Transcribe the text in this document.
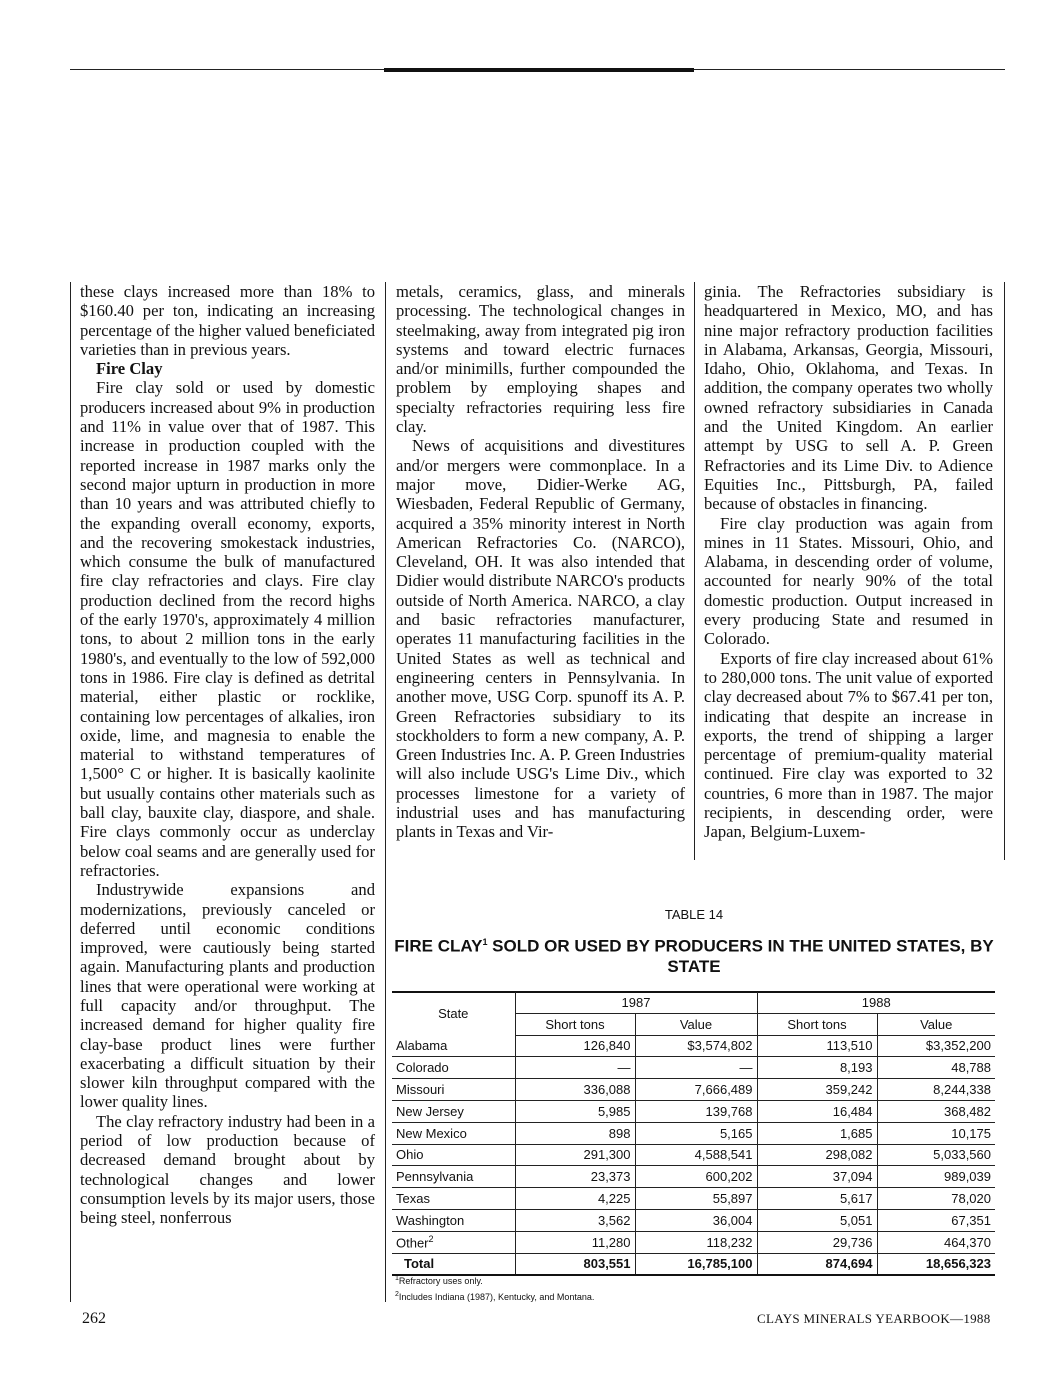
these clays increased more than 18% to $160.40 per ton, indicating an increasing percentage of the higher valued beneficiated varieties than in previous years.

Fire Clay

Fire clay sold or used by domestic producers increased about 9% in production and 11% in value over that of 1987. This increase in production coupled with the reported increase in 1987 marks only the second major upturn in production in more than 10 years and was attributed chiefly to the expanding overall economy, exports, and the recovering smokestack industries, which consume the bulk of manufactured fire clay refractories and clays. Fire clay production declined from the record highs of the early 1970's, approximately 4 million tons, to about 2 million tons in the early 1980's, and eventually to the low of 592,000 tons in 1986. Fire clay is defined as detrital material, either plastic or rocklike, containing low percentages of alkalies, iron oxide, lime, and magnesia to enable the material to withstand temperatures of 1,500° C or higher. It is basically kaolinite but usually contains other materials such as ball clay, bauxite clay, diaspore, and shale. Fire clays commonly occur as underclay below coal seams and are generally used for refractories.

Industrywide expansions and modernizations, previously canceled or deferred until economic conditions improved, were cautiously being started again. Manufacturing plants and production lines that were operational were working at full capacity and/or throughput. The increased demand for higher quality fire clay-base product lines were further exacerbating a difficult situation by their slower kiln throughput compared with the lower quality lines.

The clay refractory industry had been in a period of low production because of decreased demand brought about by technological changes and lower consumption levels by its major users, those being steel, nonferrous

metals, ceramics, glass, and minerals processing. The technological changes in steelmaking, away from integrated pig iron systems and toward electric furnaces and/or minimills, further compounded the problem by employing shapes and specialty refractories requiring less fire clay.

News of acquisitions and divestitures and/or mergers were commonplace. In a major move, Didier-Werke AG, Wiesbaden, Federal Republic of Germany, acquired a 35% minority interest in North American Refractories Co. (NARCO), Cleveland, OH. It was also intended that Didier would distribute NARCO's products outside of North America. NARCO, a clay and basic refractories manufacturer, operates 11 manufacturing facilities in the United States as well as technical and engineering centers in Pennsylvania. In another move, USG Corp. spunoff its A. P. Green Refractories subsidiary to its stockholders to form a new company, A. P. Green Industries Inc. A. P. Green Industries will also include USG's Lime Div., which processes limestone for a variety of industrial uses and has manufacturing plants in Texas and Vir-

ginia. The Refractories subsidiary is headquartered in Mexico, MO, and has nine major refractory production facilities in Alabama, Arkansas, Georgia, Missouri, Idaho, Ohio, Oklahoma, and Texas. In addition, the company operates two wholly owned refractory subsidiaries in Canada and the United Kingdom. An earlier attempt by USG to sell A. P. Green Refractories and its Lime Div. to Adience Equities Inc., Pittsburgh, PA, failed because of obstacles in financing.

Fire clay production was again from mines in 11 States. Missouri, Ohio, and Alabama, in descending order of volume, accounted for nearly 90% of the total domestic production. Output increased in every producing State and resumed in Colorado.

Exports of fire clay increased about 61% to 280,000 tons. The unit value of exported clay decreased about 7% to $67.41 per ton, indicating that despite an increase in exports, the trend of shipping a larger percentage of premium-quality material continued. Fire clay was exported to 32 countries, 6 more than in 1987. The major recipients, in descending order, were Japan, Belgium-Luxem-

TABLE 14
FIRE CLAY$^1$ SOLD OR USED BY PRODUCERS IN THE UNITED STATES, BY STATE
State	1987		1988	
	Short tons	Value	Short tons	Value
Alabama	126,840	$3,574,802	113,510	$3,352,200
Colorado	—	—	8,193	48,788
Missouri	336,088	7,666,489	359,242	8,244,338
New Jersey	5,985	139,768	16,484	368,482
New Mexico	898	5,165	1,685	10,175
Ohio	291,300	4,588,541	298,082	5,033,560
Pennsylvania	23,373	600,202	37,094	989,039
Texas	4,225	55,897	5,617	78,020
Washington	3,562	36,004	5,051	67,351
Other$^2$	11,280	118,232	29,736	464,370
Total	803,551	16,785,100	874,694	18,656,323
$^1$Refractory uses only.
$^2$Includes Indiana (1987), Kentucky, and Montana.
262	CLAYS MINERALS YEARBOOK—1988
